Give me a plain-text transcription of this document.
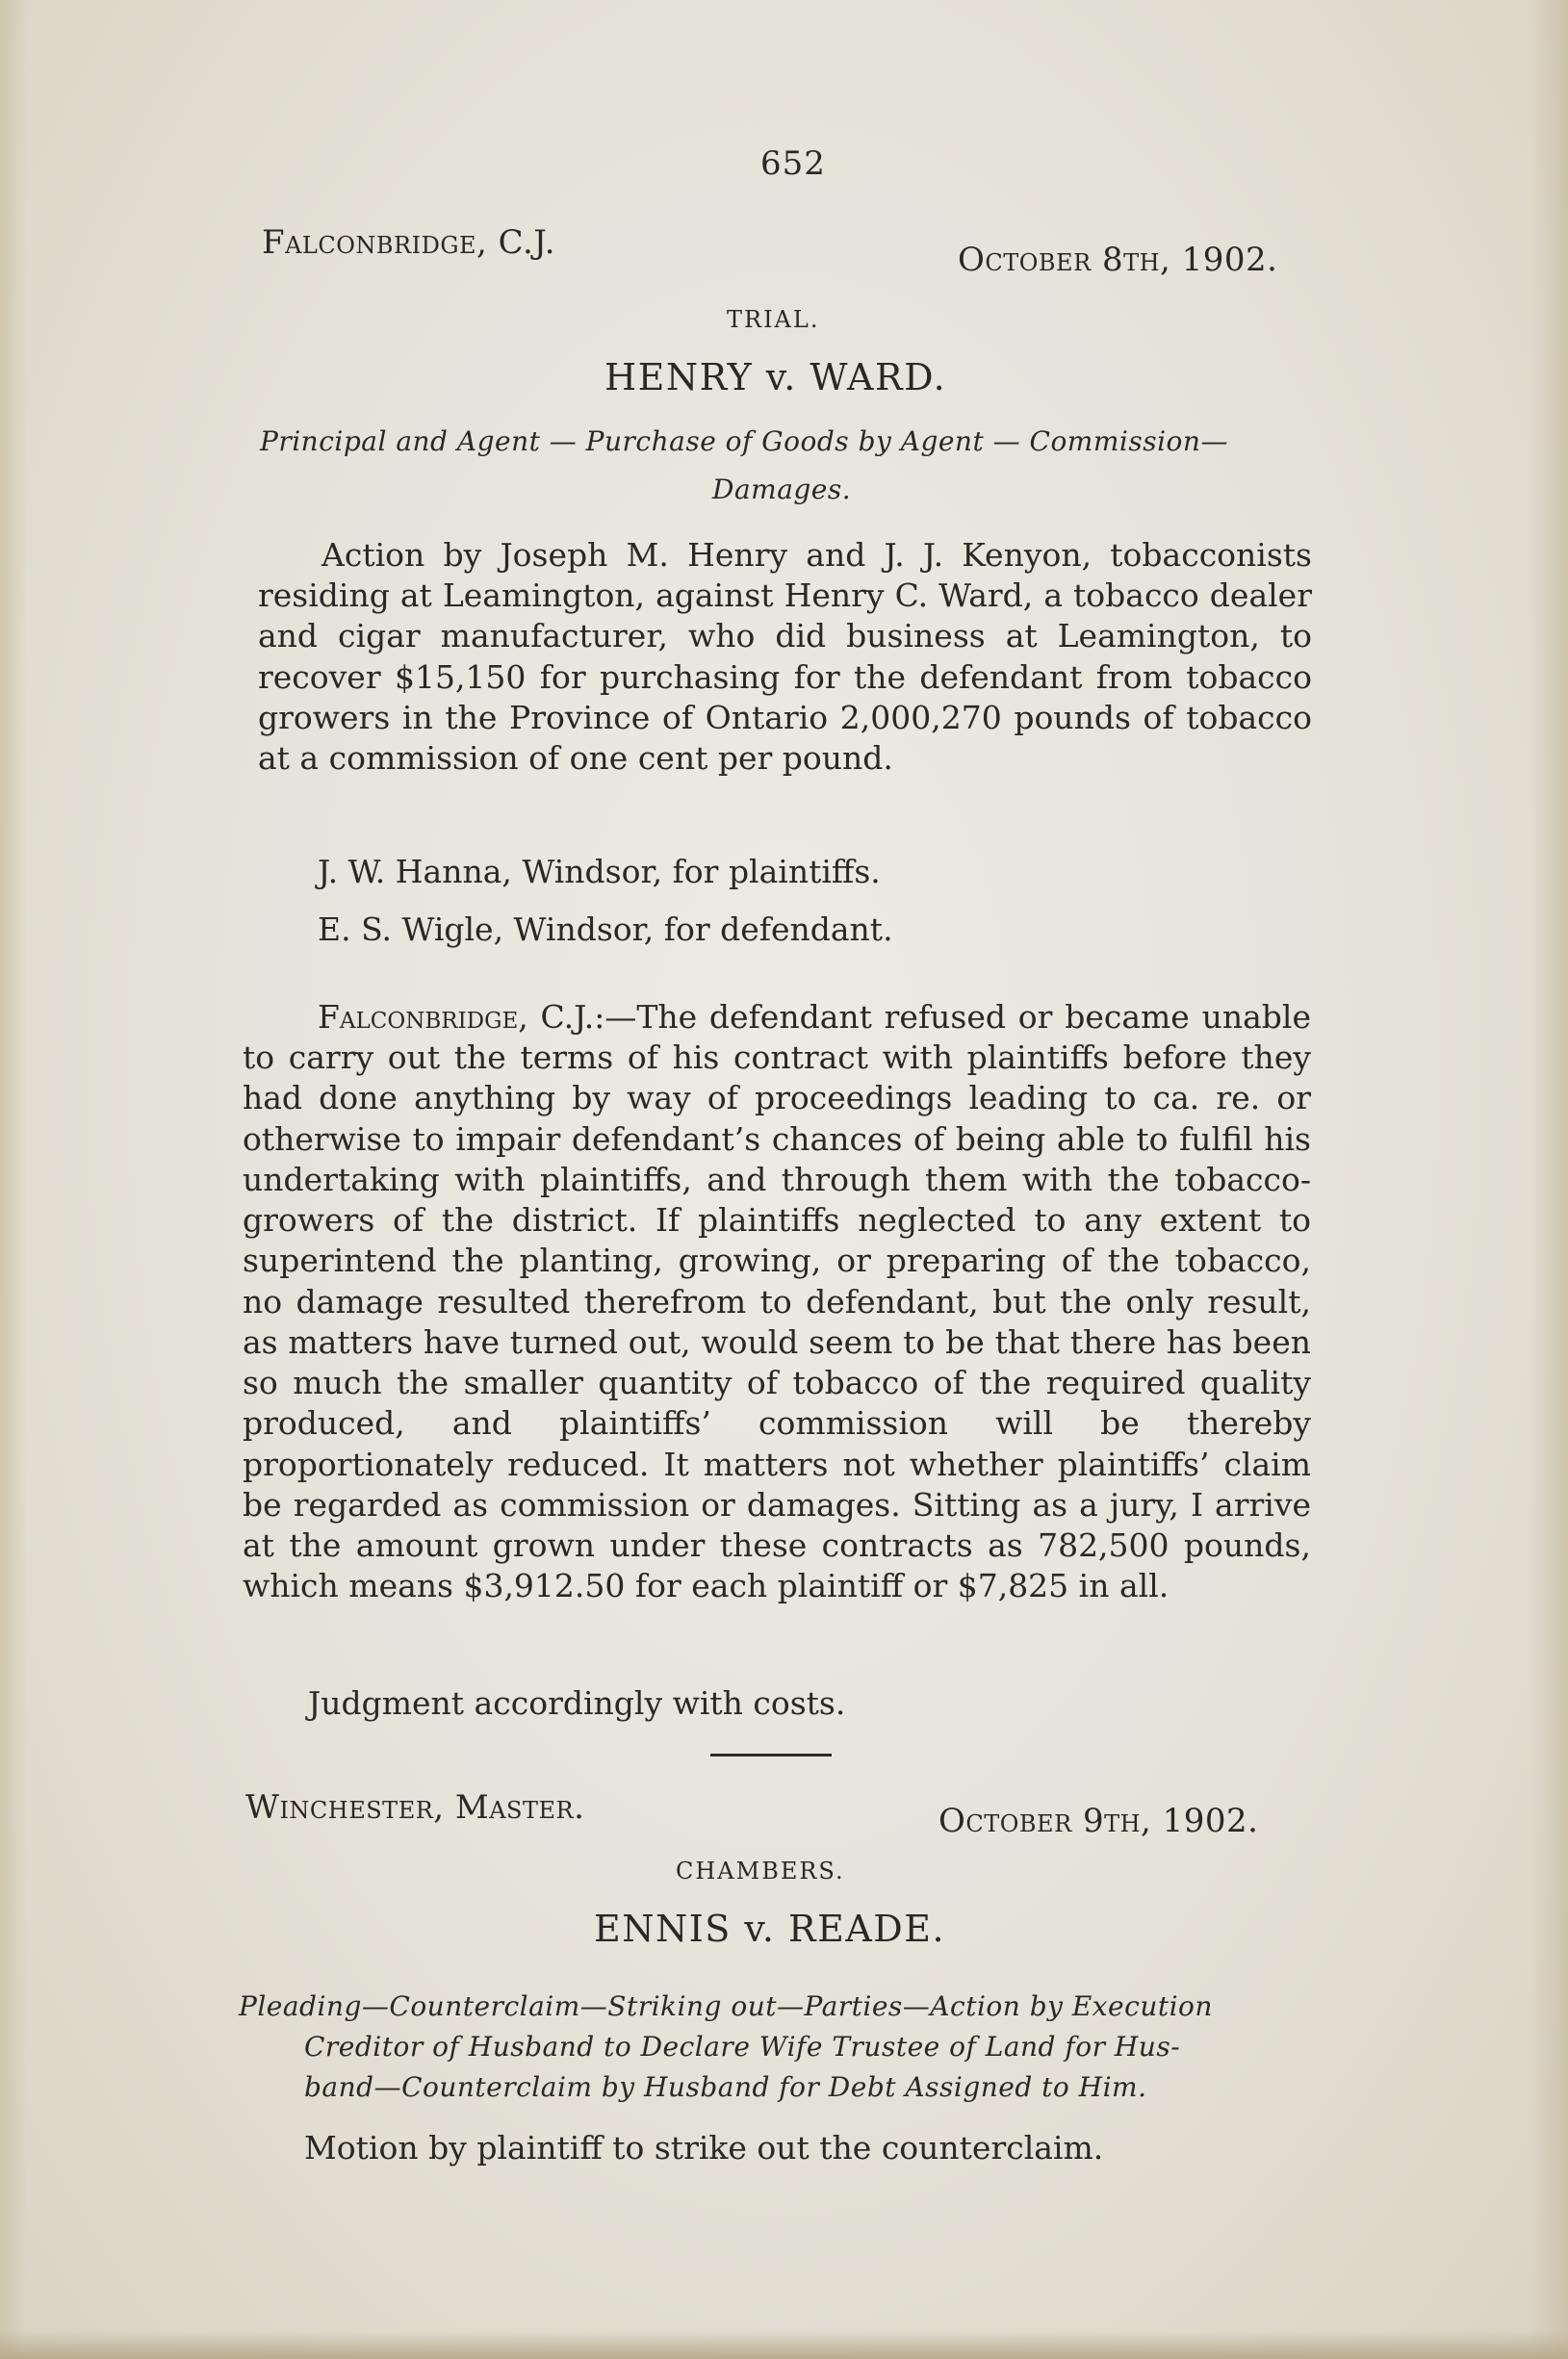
652
Falconbridge, C.J.	October 8th, 1902.
TRIAL.
HENRY v. WARD.
Principal and Agent — Purchase of Goods by Agent — Commission—
Damages.
Action by Joseph M. Henry and J. J. Kenyon, tobacconists residing at Leamington, against Henry C. Ward, a tobacco dealer and cigar manufacturer, who did business at Leamington, to recover $15,150 for purchasing for the defendant from tobacco growers in the Province of Ontario 2,000,270 pounds of tobacco at a commission of one cent per pound.
J. W. Hanna, Windsor, for plaintiffs.
E. S. Wigle, Windsor, for defendant.
Falconbridge, C.J.:—The defendant refused or became unable to carry out the terms of his contract with plaintiffs before they had done anything by way of proceedings leading to ca. re. or otherwise to impair defendant’s chances of being able to fulfil his undertaking with plaintiffs, and through them with the tobacco-growers of the district. If plaintiffs neglected to any extent to superintend the planting, growing, or preparing of the tobacco, no damage resulted therefrom to defendant, but the only result, as matters have turned out, would seem to be that there has been so much the smaller quantity of tobacco of the required quality produced, and plaintiffs’ commission will be thereby proportionately reduced. It matters not whether plaintiffs’ claim be regarded as commission or damages. Sitting as a jury, I arrive at the amount grown under these contracts as 782,500 pounds, which means $3,912.50 for each plaintiff or $7,825 in all.
Judgment accordingly with costs.
Winchester, Master.	October 9th, 1902.
CHAMBERS.
ENNIS v. READE.
Pleading—Counterclaim—Striking out—Parties—Action by Execution
Creditor of Husband to Declare Wife Trustee of Land for Hus-
band—Counterclaim by Husband for Debt Assigned to Him.
Motion by plaintiff to strike out the counterclaim.
